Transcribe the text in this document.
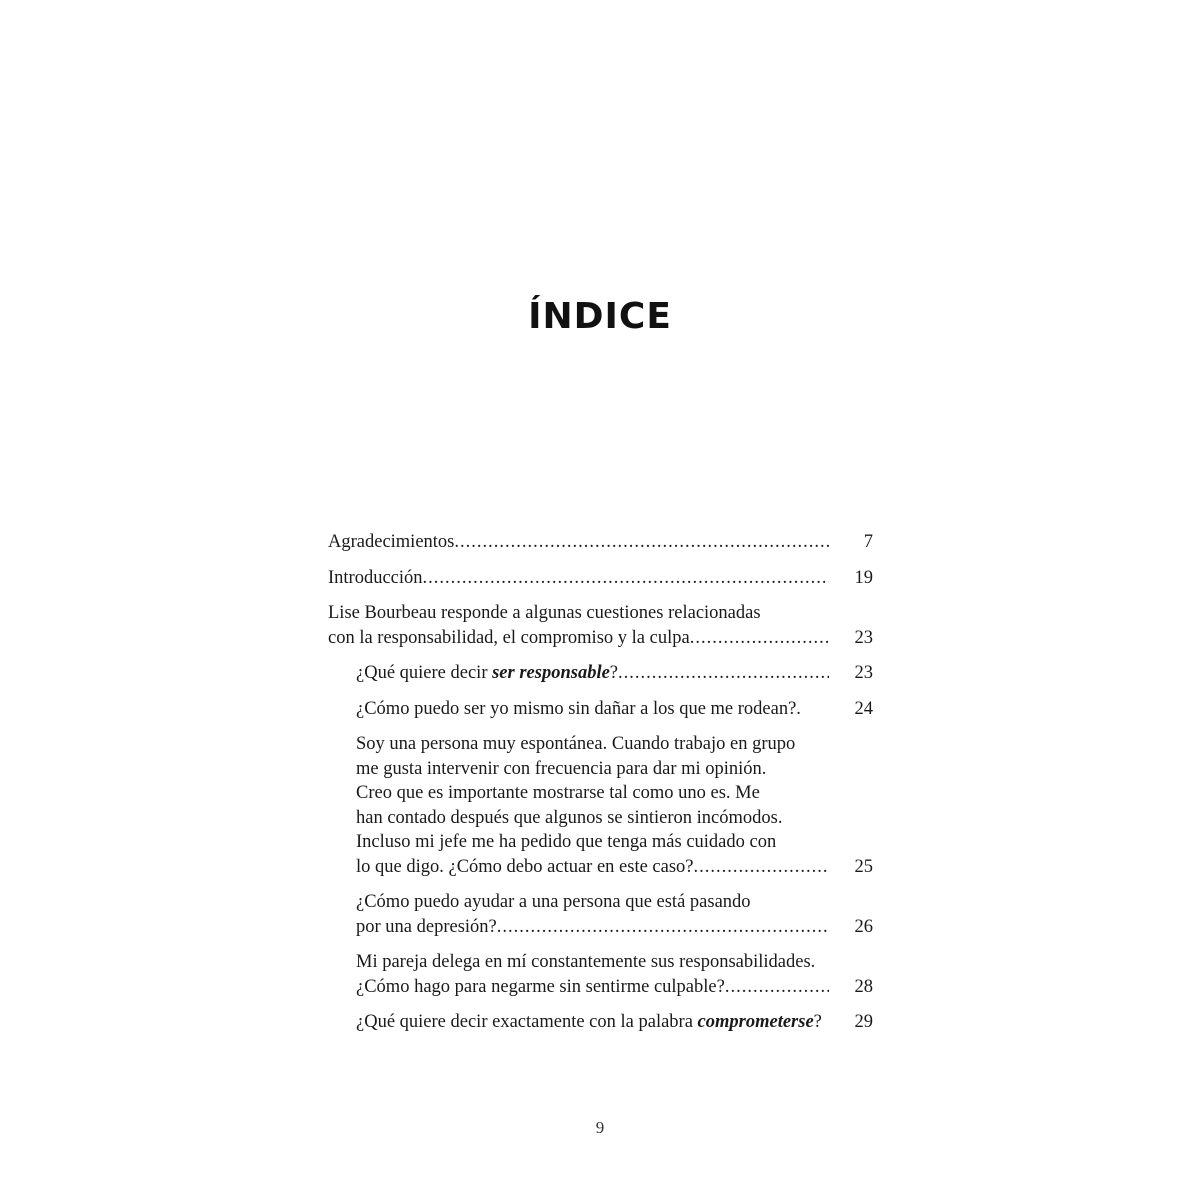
ÍNDICE
Agradecimientos .....	7
Introducción .....	19
Lise Bourbeau responde a algunas cuestiones relacionadas
con la responsabilidad, el compromiso y la culpa .....	23
¿Qué quiere decir ser responsable? .....	23
¿Cómo puedo ser yo mismo sin dañar a los que me rodean?.	24
Soy una persona muy espontánea. Cuando trabajo en grupo
me gusta intervenir con frecuencia para dar mi opinión.
Creo que es importante mostrarse tal como uno es. Me
han contado después que algunos se sintieron incómodos.
Incluso mi jefe me ha pedido que tenga más cuidado con
lo que digo. ¿Cómo debo actuar en este caso? .....	25
¿Cómo puedo ayudar a una persona que está pasando
por una depresión? .....	26
Mi pareja delega en mí constantemente sus responsabilidades.
¿Cómo hago para negarme sin sentirme culpable? .....	28
¿Qué quiere decir exactamente con la palabra comprometerse?	29
9
